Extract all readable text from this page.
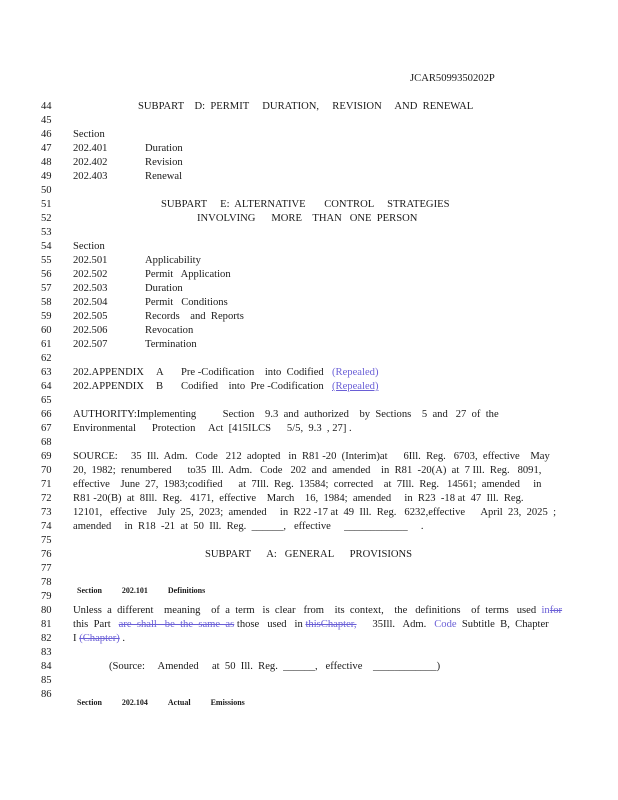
JCAR5099350202P
44
45
46
47
48
49
50
51
52
53
54
55
56
57
58
59
60
61
62
63
64
65
66
67
68
69
70
71
72
73
74
75
76
77
78
79
80
81
82
83
84
85
86
SUBPART    D:  PERMIT     DURATION,     REVISION     AND  RENEWAL
Section
202.401	Duration
202.402	Revision
202.403	Renewal
SUBPART     E:  ALTERNATIVE       CONTROL     STRATEGIES
INVOLVING      MORE    THAN   ONE  PERSON
Section
202.501	Applicability
202.502	Permit   Application
202.503	Duration
202.504	Permit   Conditions
202.505	Records    and  Reports
202.506	Revocation
202.507	Termination
202.APPENDIX A Pre -Codification    into  Codified (Repealed)
202.APPENDIX B Codified    into  Pre -Codification (Repealed)
AUTHORITY:Implementing          Section    9.3  and  authorized    by  Sections    5  and   27  of  the
Environmental      Protection     Act  [415ILCS      5/5,  9.3  , 27] .
SOURCE:     35  Ill.  Adm.   Code   212  adopted   in  R81 -20  (Interim)at      6Ill.  Reg.   6703,  effective    May
20,  1982;  renumbered      to35  Ill.  Adm.   Code   202  and  amended    in  R81  -20(A)  at  7 Ill.  Reg.   8091,
effective    June  27,  1983;codified      at  7Ill.  Reg.  13584;  corrected    at  7Ill.  Reg.   14561;  amended     in
R81 -20(B)  at  8Ill.  Reg.   4171,  effective    March    16,  1984;  amended     in  R23  -18 at  47  Ill.  Reg.
12101,   effective    July  25,  2023;  amended     in  R22 -17 at  49  Ill.  Reg.   6232,effective      April  23,  2025  ;
amended     in  R18  -21  at  50  Ill.  Reg.  ______,   effective     ____________     .
SUBPART      A:   GENERAL      PROVISIONS

Section	202.101	Definitions

Unless  a  different    meaning    of  a  term   is  clear   from    its  context,    the   definitions    of  terms   used  infor
this  Part   are  shall   be  the  same  as those   used   in thisChapter,      35Ill.   Adm.   Code  Subtitle  B,  Chapter
I (Chapter) .
(Source:     Amended     at  50  Ill.  Reg.  ______,   effective    ____________)

Section	202.104	Actual	Emissions
